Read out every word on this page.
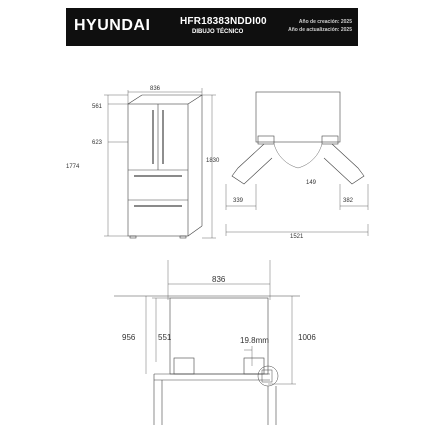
HYUNDAI	HFR18383NDDI00
DIBUJO TÉCNICO
Año de creación: 2025
Año de actualización: 2025
836
561
623
1774
1830
339
149
382
1521
836
956	551	19.8mm	1006
